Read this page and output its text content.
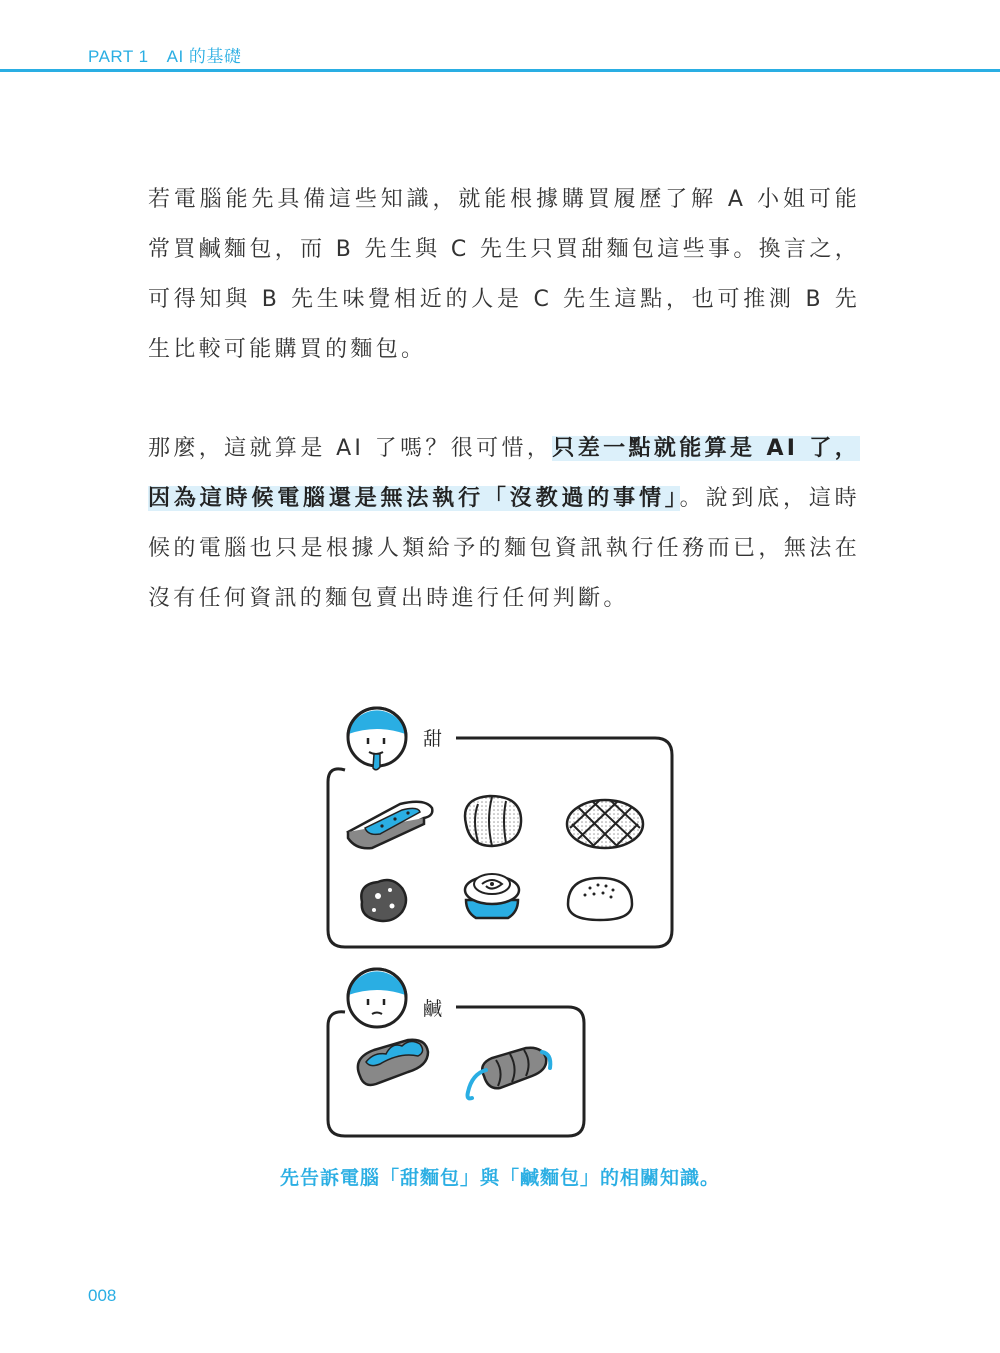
PART 1 AI 的基礎

若電腦能先具備這些知識，就能根據購買履歷了解 A 小姐可能常買鹹麵包，而 B 先生與 C 先生只買甜麵包這些事。換言之，可得知與 B 先生味覺相近的人是 C 先生這點，也可推測 B 先生比較可能購買的麵包。

那麼，這就算是 AI 了嗎？很可惜，只差一點就能算是 AI 了，因為這時候電腦還是無法執行「沒教過的事情」。說到底，這時候的電腦也只是根據人類給予的麵包資訊執行任務而已，無法在沒有任何資訊的麵包賣出時進行任何判斷。

甜
鹹
先告訴電腦「甜麵包」與「鹹麵包」的相關知識。
008
